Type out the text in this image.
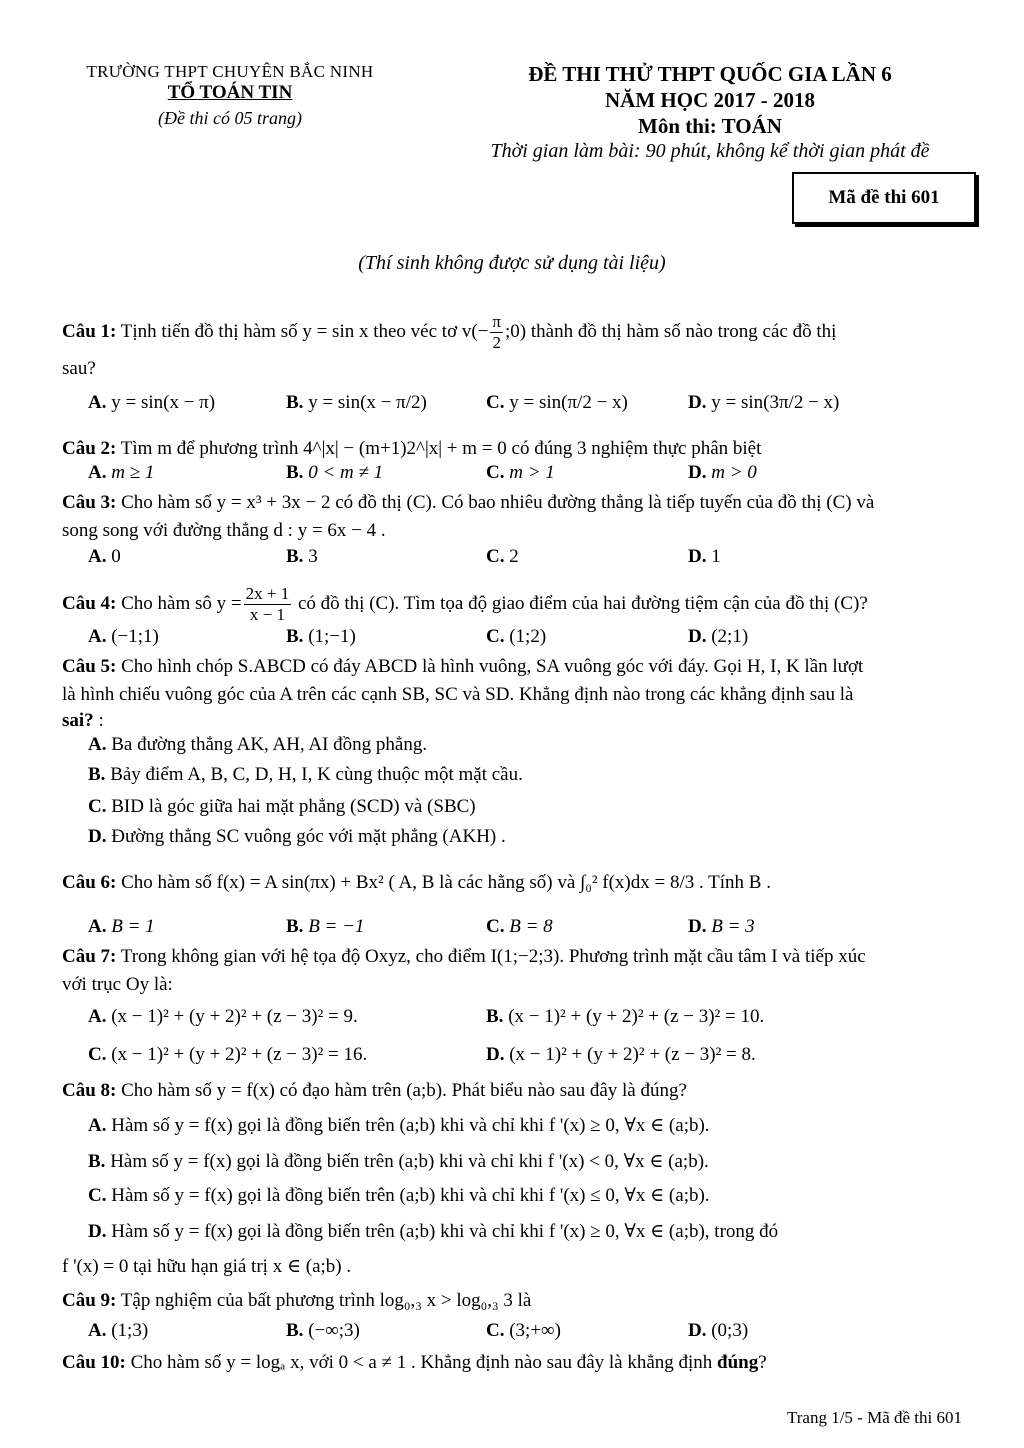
TRƯỜNG THPT CHUYÊN BẮC NINH
TỔ TOÁN TIN
(Đề thi có 05 trang)
ĐỀ THI THỬ THPT QUỐC GIA LẦN 6
NĂM HỌC 2017 - 2018
Môn thi: TOÁN
Thời gian làm bài: 90 phút, không kể thời gian phát đề
Mã đề thi 601
(Thí sinh không được sử dụng tài liệu)
Câu 1: Tịnh tiến đồ thị hàm số y = sin x theo véc tơ $v(- \frac{\pi}{2}$ ;0) thành đồ thị hàm số nào trong các đồ thị
sau?
A. y = sin(x − π)	B. y = sin(x − π/2)	C. y = sin(π/2 − x)	D. y = sin(3π/2 − x)
Câu 2: Tìm m để phương trình 4^|x| − (m+1)2^|x| + m = 0 có đúng 3 nghiệm thực phân biệt
A. m ≥ 1	B. 0 < m ≠ 1	C. m > 1	D. m > 0
Câu 3: Cho hàm số y = x³ + 3x − 2 có đồ thị (C). Có bao nhiêu đường thẳng là tiếp tuyến của đồ thị (C) và
song song với đường thẳng d : y = 6x − 4 .
A. 0	B. 3	C. 2	D. 1
Câu 4: Cho hàm sô $y = \frac{2x + 1}{x - 1}$ có đồ thị (C). Tìm tọa độ giao điểm của hai đường tiệm cận của đồ thị (C)?
A. (−1;1)	B. (1;−1)	C. (1;2)	D. (2;1)
Câu 5: Cho hình chóp S.ABCD có đáy ABCD là hình vuông, SA vuông góc với đáy. Gọi H, I, K lần lượt
là hình chiếu vuông góc của A trên các cạnh SB, SC và SD. Khẳng định nào trong các khẳng định sau là
sai? :
A. Ba đường thẳng AK, AH, AI đồng phẳng.
B. Bảy điểm A, B, C, D, H, I, K cùng thuộc một mặt cầu.
C. BID là góc giữa hai mặt phẳng (SCD) và (SBC)
D. Đường thẳng SC vuông góc với mặt phẳng (AKH) .
Câu 6: Cho hàm số f(x) = A sin(πx) + Bx² ( A, B là các hằng số) và ∫₀² f(x)dx = 8/3 . Tính B .
A. B = 1	B. B = −1	C. B = 8	D. B = 3
Câu 7: Trong không gian với hệ tọa độ Oxyz, cho điểm I(1;−2;3). Phương trình mặt cầu tâm I và tiếp xúc
với trục Oy là:
A. (x − 1)² + (y + 2)² + (z − 3)² = 9.	B. (x − 1)² + (y + 2)² + (z − 3)² = 10.
C. (x − 1)² + (y + 2)² + (z − 3)² = 16.	D. (x − 1)² + (y + 2)² + (z − 3)² = 8.
Câu 8: Cho hàm số y = f(x) có đạo hàm trên (a;b). Phát biểu nào sau đây là đúng?
A. Hàm số y = f(x) gọi là đồng biến trên (a;b) khi và chỉ khi f '(x) ≥ 0, ∀x ∈ (a;b).
B. Hàm số y = f(x) gọi là đồng biến trên (a;b) khi và chỉ khi f '(x) < 0, ∀x ∈ (a;b).
C. Hàm số y = f(x) gọi là đồng biến trên (a;b) khi và chỉ khi f '(x) ≤ 0, ∀x ∈ (a;b).
D. Hàm số y = f(x) gọi là đồng biến trên (a;b) khi và chỉ khi f '(x) ≥ 0, ∀x ∈ (a;b), trong đó
f '(x) = 0 tại hữu hạn giá trị x ∈ (a;b) .
Câu 9: Tập nghiệm của bất phương trình log₀,₃ x > log₀,₃ 3 là
A. (1;3)	B. (−∞;3)	C. (3;+∞)	D. (0;3)
Câu 10: Cho hàm số y = logₐ x, với 0 < a ≠ 1 . Khẳng định nào sau đây là khẳng định đúng?
Trang 1/5 - Mã đề thi 601
